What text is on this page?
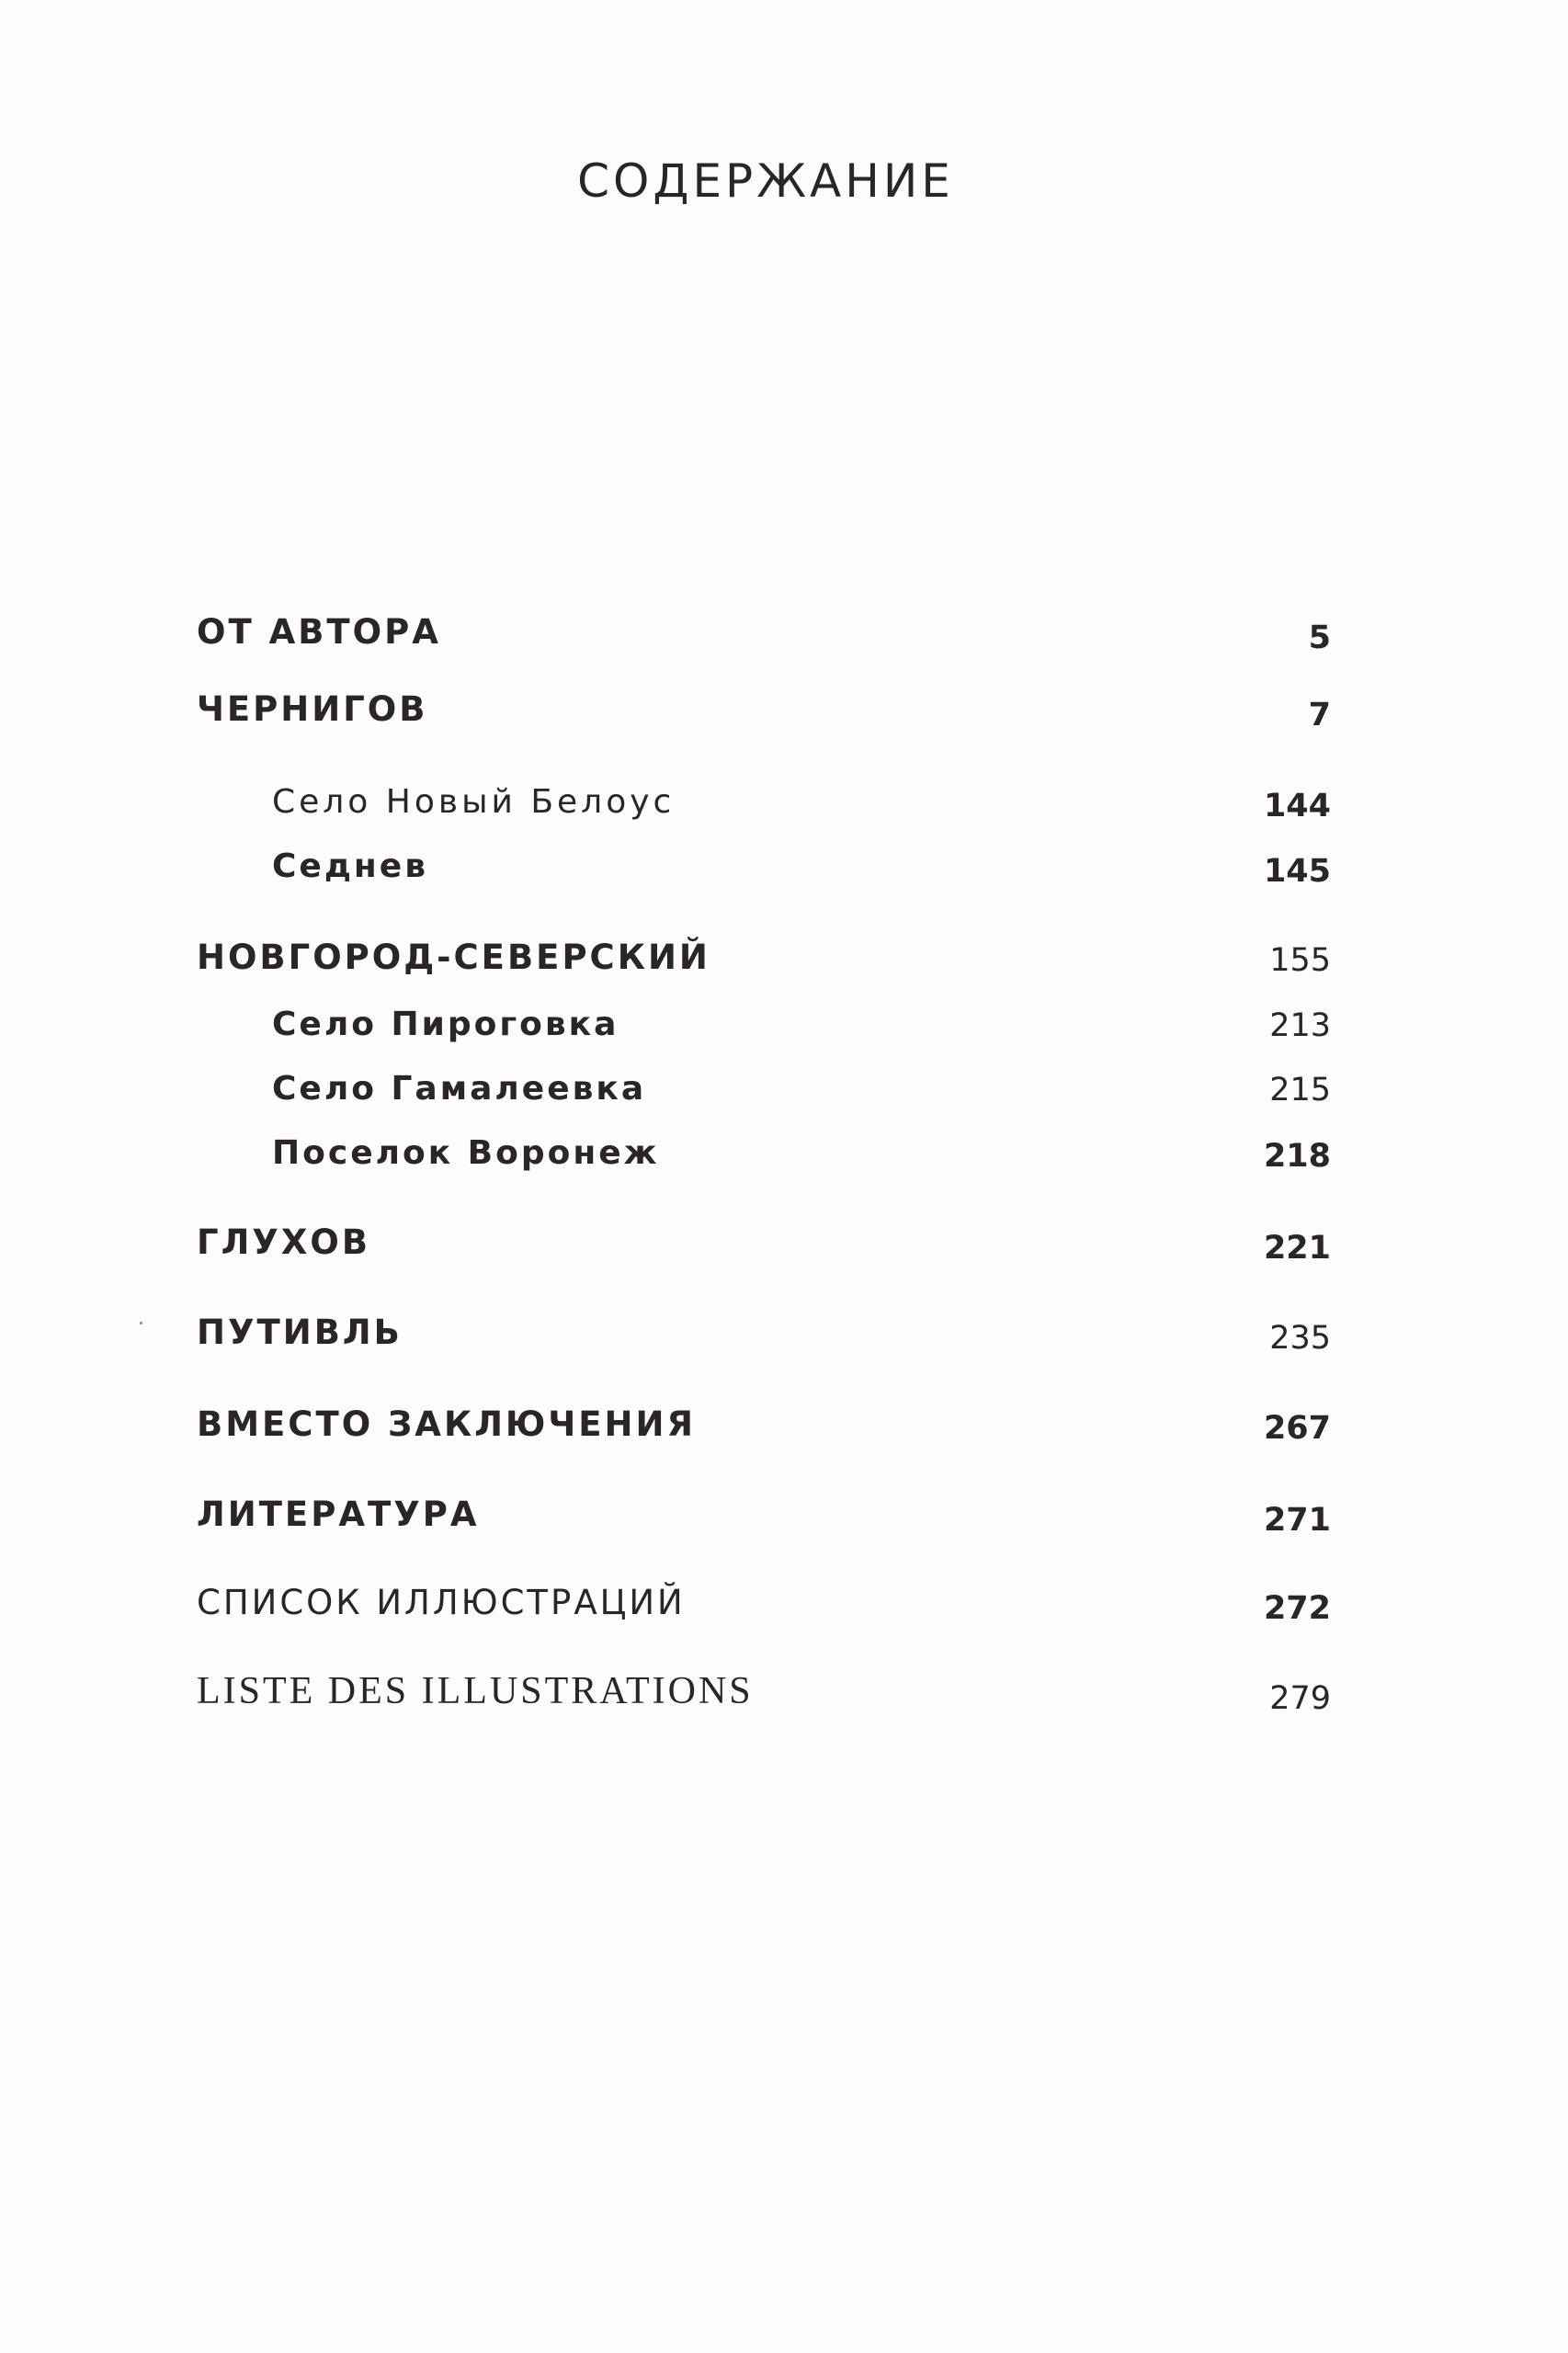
СОДЕРЖАНИЕ
ОТ АВТОРА	5
ЧЕРНИГОВ	7
Село Новый Белоус	144
Седнев	145
НОВГОРОД-СЕВЕРСКИЙ	155
Село Пироговка	213
Село Гамалеевка	215
Поселок Воронеж	218
ГЛУХОВ	221
ПУТИВЛЬ	235
ВМЕСТО ЗАКЛЮЧЕНИЯ	267
ЛИТЕРАТУРА	271
СПИСОК ИЛЛЮСТРАЦИЙ	272
LISTE DES ILLUSTRATIONS	279
